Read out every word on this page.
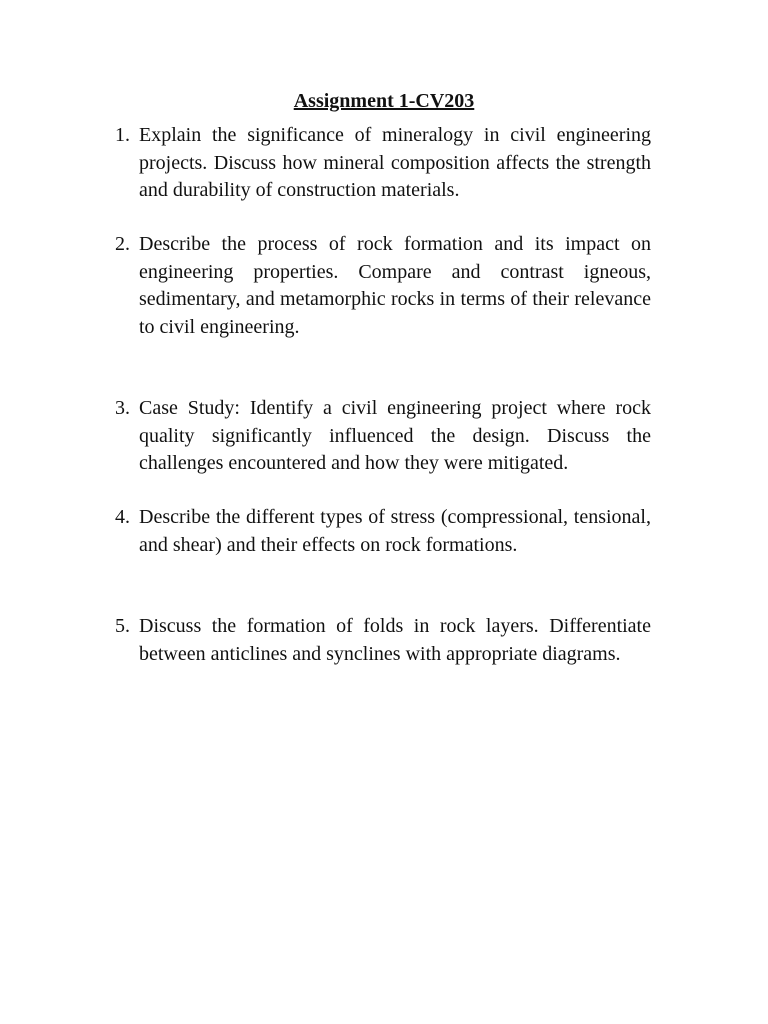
Assignment 1-CV203
1. Explain the significance of mineralogy in civil engineering projects. Discuss how mineral composition affects the strength and durability of construction materials.
2. Describe the process of rock formation and its impact on engineering properties. Compare and contrast igneous, sedimentary, and metamorphic rocks in terms of their relevance to civil engineering.
3. Case Study: Identify a civil engineering project where rock quality significantly influenced the design. Discuss the challenges encountered and how they were mitigated.
4. Describe the different types of stress (compressional, tensional, and shear) and their effects on rock formations.
5. Discuss the formation of folds in rock layers. Differentiate between anticlines and synclines with appropriate diagrams.
